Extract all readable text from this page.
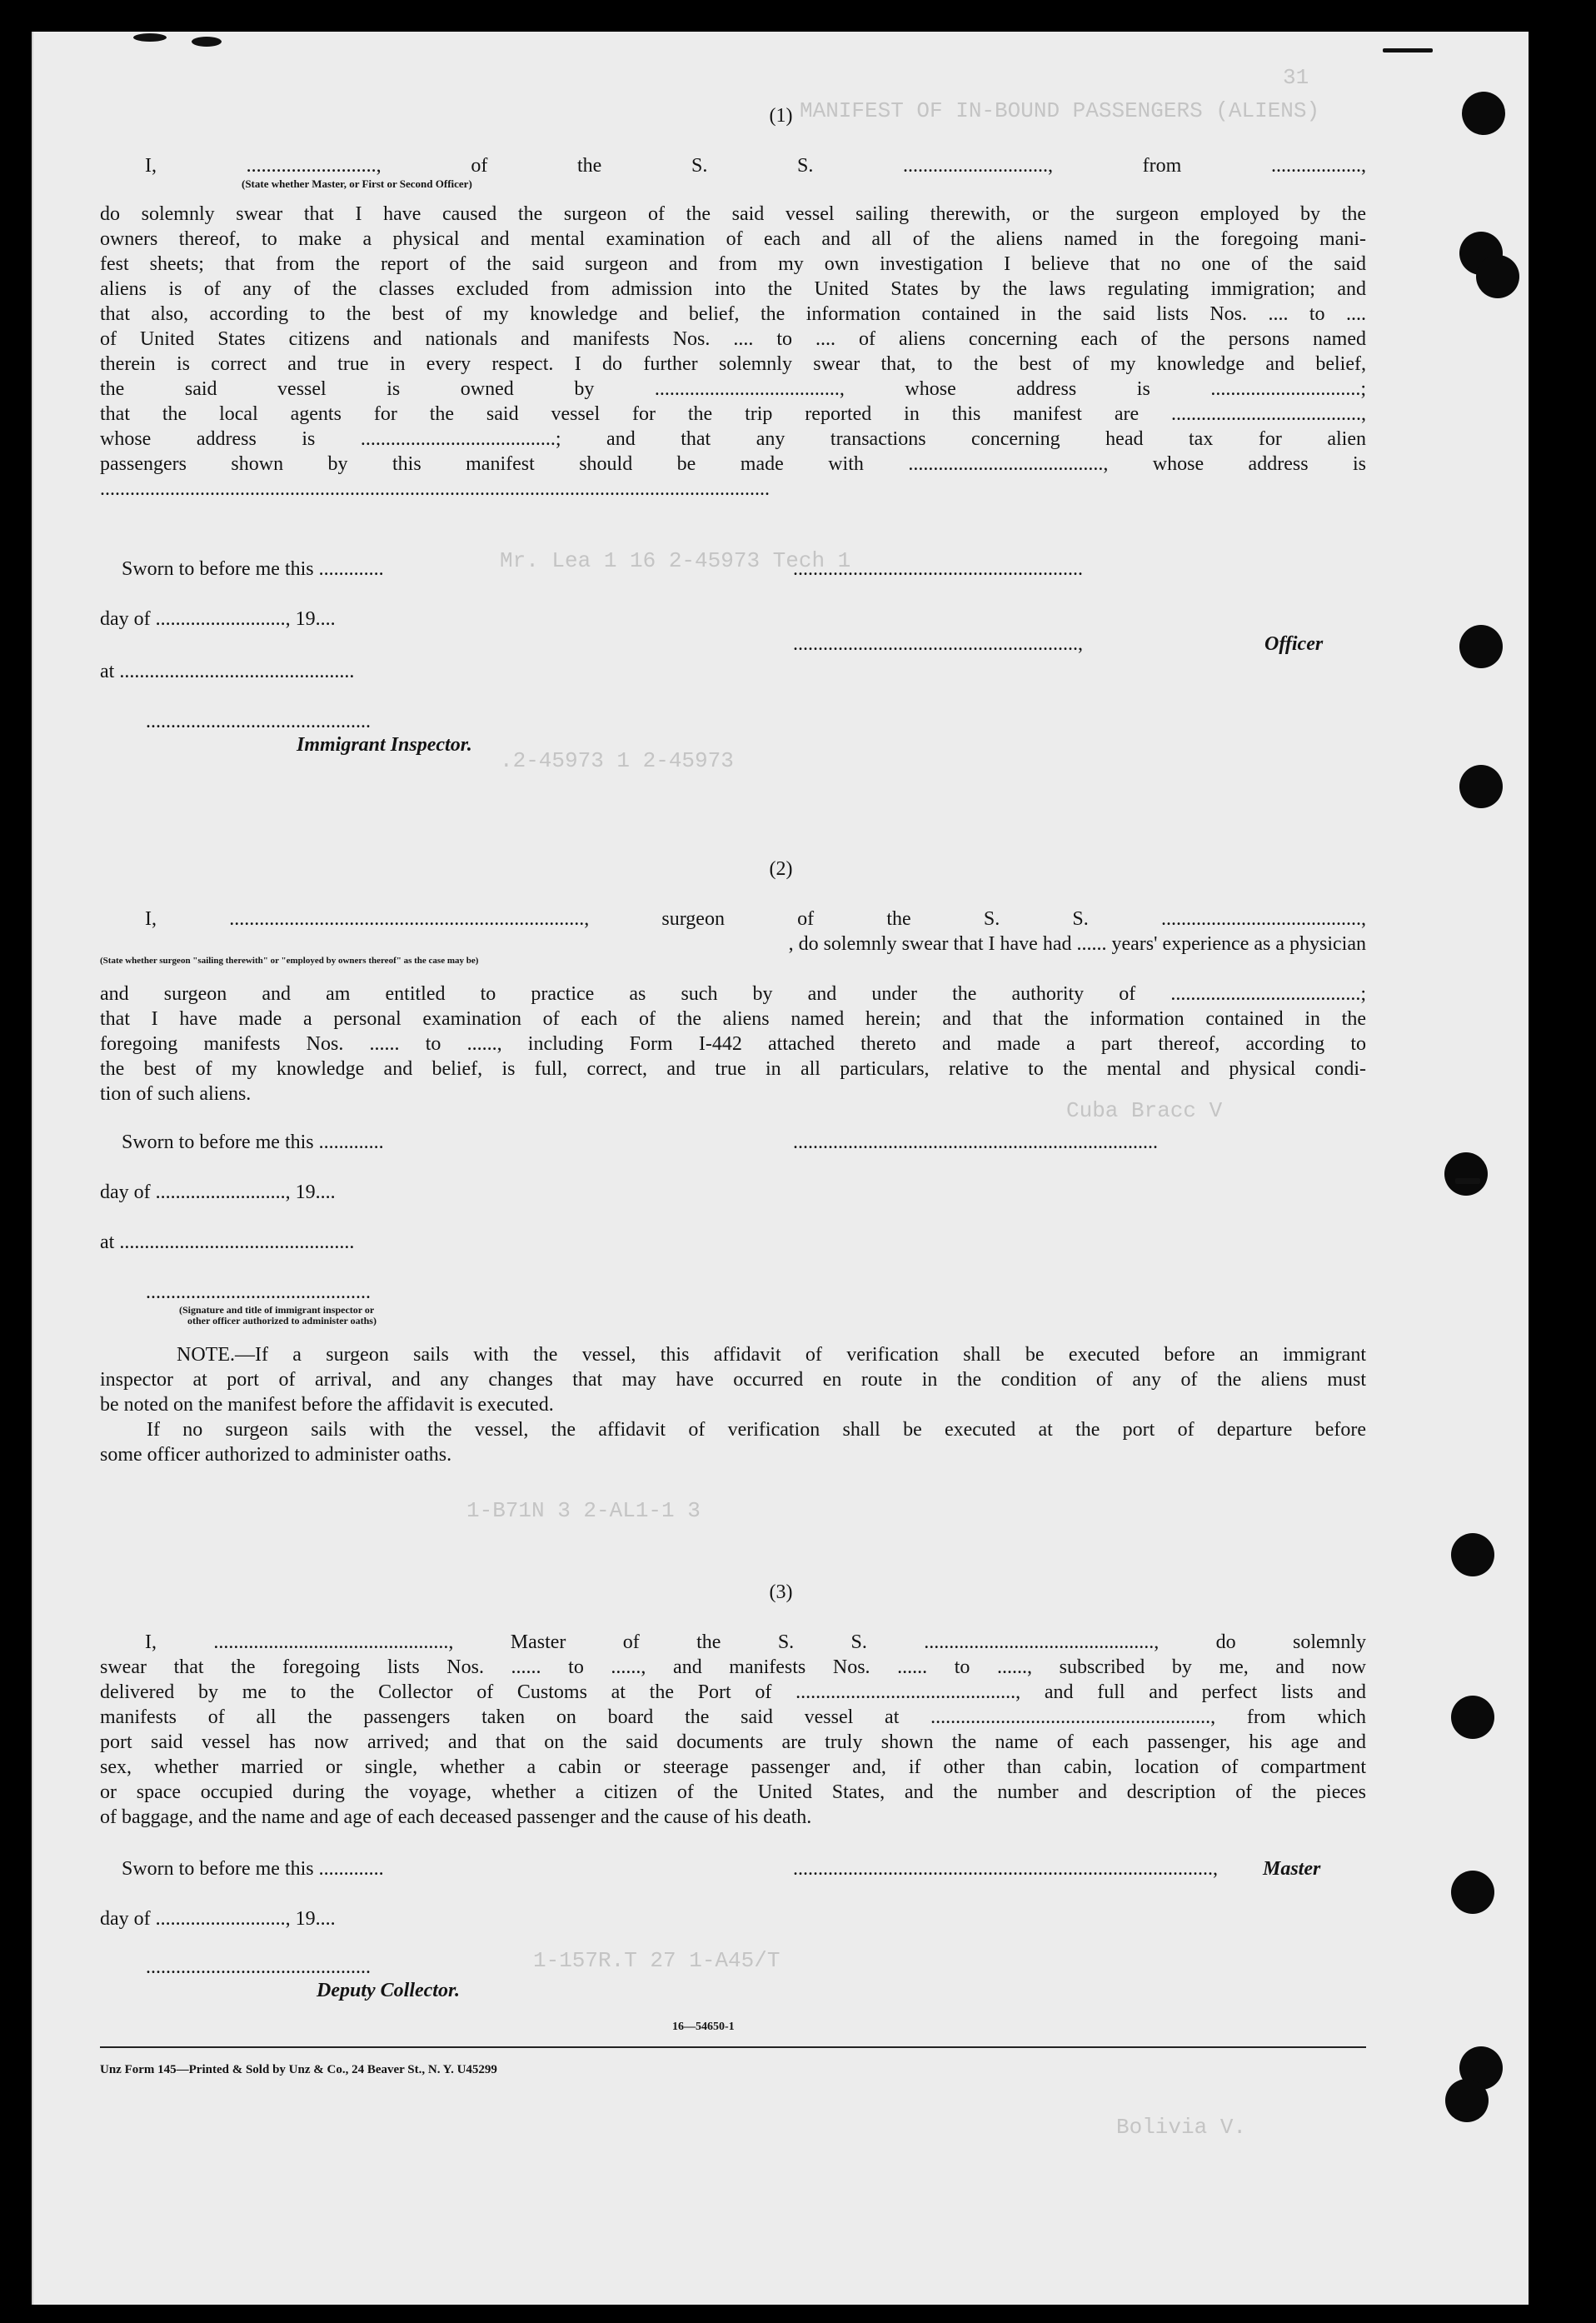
MANIFEST OF IN-BOUND PASSENGERS (ALIENS)
Mr. Lea 1 16 2-45973 Tech 1
.2-45973 1 2-45973
Cuba Bracc V
1-B71N 3 2-AL1-1 3
1-157R.T 27 1-A45/T
Bolivia V.
31
(1)
I, .........................., of the S. S. ............................., from ..................,
(State whether Master, or First or Second Officer)
do solemnly swear that I have caused the surgeon of the said vessel sailing therewith, or the surgeon employed by the
owners thereof, to make a physical and mental examination of each and all of the aliens named in the foregoing mani-
fest sheets; that from the report of the said surgeon and from my own investigation I believe that no one of the said
aliens is of any of the classes excluded from admission into the United States by the laws regulating immigration; and
that also, according to the best of my knowledge and belief, the information contained in the said lists Nos. .... to ....
of United States citizens and nationals and manifests Nos. .... to .... of aliens concerning each of the persons named
therein is correct and true in every respect. I do further solemnly swear that, to the best of my knowledge and belief,
the said vessel is owned by ....................................., whose address is ..............................;
that the local agents for the said vessel for the trip reported in this manifest are ......................................,
whose address is .......................................; and that any transactions concerning head tax for alien
passengers shown by this manifest should be made with ......................................., whose address is
......................................................................................................................................
Sworn to before me this .............	..........................................................
day of .........................., 19....
.........................................................,	Officer
at ...............................................
.............................................
Immigrant Inspector.
(2)
I, ......................................................................., surgeon of the S. S. ........................................,
, do solemnly swear that I have had ...... years' experience as a physician
(State whether surgeon "sailing therewith" or "employed by owners thereof" as the case may be)
and surgeon and am entitled to practice as such by and under the authority of ......................................;
that I have made a personal examination of each of the aliens named herein; and that the information contained in the
foregoing manifests Nos. ...... to ......, including Form I-442 attached thereto and made a part thereof, according to
the best of my knowledge and belief, is full, correct, and true in all particulars, relative to the mental and physical condi-
tion of such aliens.
Sworn to before me this .............	.........................................................................
day of .........................., 19....
at ...............................................
.............................................
(Signature and title of immigrant inspector or
other officer authorized to administer oaths)
NOTE.—If a surgeon sails with the vessel, this affidavit of verification shall be executed before an immigrant
inspector at port of arrival, and any changes that may have occurred en route in the condition of any of the aliens must
be noted on the manifest before the affidavit is executed.
If no surgeon sails with the vessel, the affidavit of verification shall be executed at the port of departure before
some officer authorized to administer oaths.
(3)
I, ..............................................., Master of the S. S. .............................................., do solemnly
swear that the foregoing lists Nos. ...... to ......, and manifests Nos. ...... to ......, subscribed by me, and now
delivered by me to the Collector of Customs at the Port of ............................................, and full and perfect lists and
manifests of all the passengers taken on board the said vessel at ........................................................, from which
port said vessel has now arrived; and that on the said documents are truly shown the name of each passenger, his age and
sex, whether married or single, whether a cabin or steerage passenger and, if other than cabin, location of compartment
or space occupied during the voyage, whether a citizen of the United States, and the number and description of the pieces
of baggage, and the name and age of each deceased passenger and the cause of his death.
Sworn to before me this .............	...................................................................................., Master
day of .........................., 19....
.............................................
Deputy Collector.
16—54650-1
Unz Form 145—Printed & Sold by Unz & Co., 24 Beaver St., N. Y. U45299
